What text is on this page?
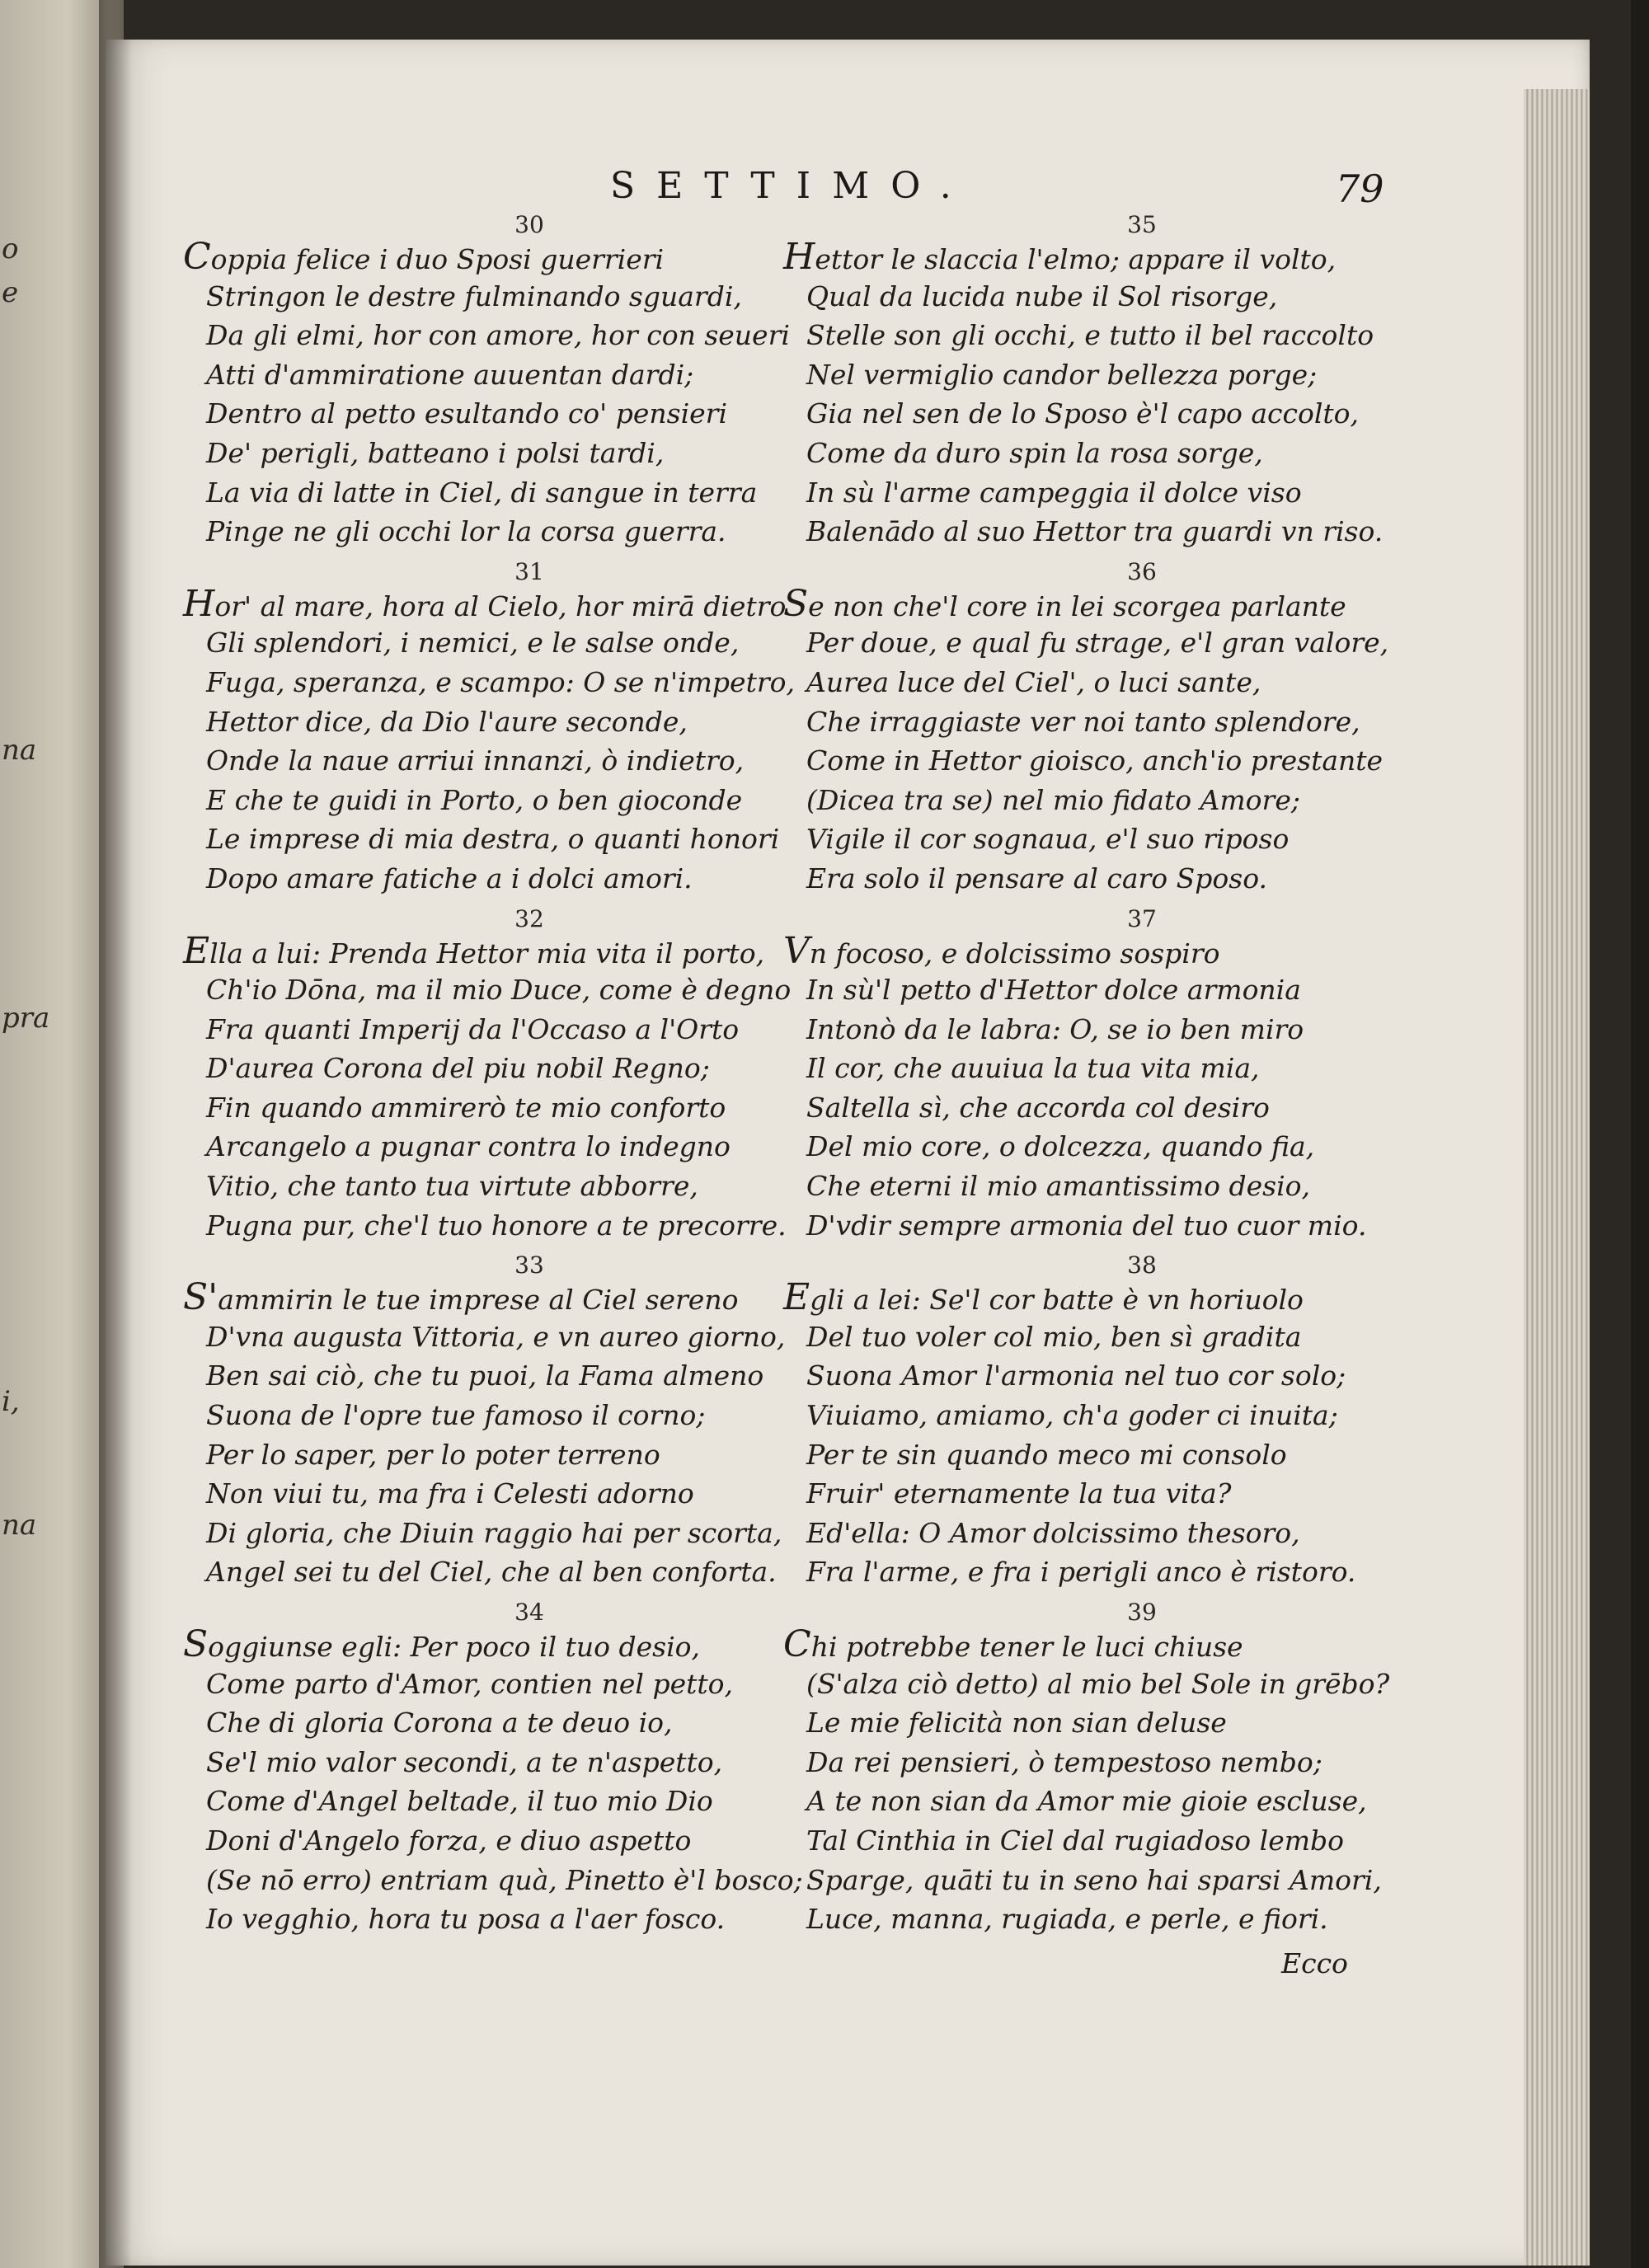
o
e
na
pra
i,
na
SETTIMO.	79
30
Coppia felice i duo Sposi guerrieri
Stringon le destre fulminando sguardi,
Da gli elmi, hor con amore, hor con seueri
Atti d'ammiratione auuentan dardi;
Dentro al petto esultando co' pensieri
De' perigli, batteano i polsi tardi,
La via di latte in Ciel, di sangue in terra
Pinge ne gli occhi lor la corsa guerra.
31
Hor' al mare, hora al Cielo, hor mirā dietro
Gli splendori, i nemici, e le salse onde,
Fuga, speranza, e scampo: O se n'impetro,
Hettor dice, da Dio l'aure seconde,
Onde la naue arriui innanzi, ò indietro,
E che te guidi in Porto, o ben gioconde
Le imprese di mia destra, o quanti honori
Dopo amare fatiche a i dolci amori.
32
Ella a lui: Prenda Hettor mia vita il porto,
Ch'io Dōna, ma il mio Duce, come è degno
Fra quanti Imperij da l'Occaso a l'Orto
D'aurea Corona del piu nobil Regno;
Fin quando ammirerò te mio conforto
Arcangelo a pugnar contra lo indegno
Vitio, che tanto tua virtute abborre,
Pugna pur, che'l tuo honore a te precorre.
33
S'ammirin le tue imprese al Ciel sereno
D'vna augusta Vittoria, e vn aureo giorno,
Ben sai ciò, che tu puoi, la Fama almeno
Suona de l'opre tue famoso il corno;
Per lo saper, per lo poter terreno
Non viui tu, ma fra i Celesti adorno
Di gloria, che Diuin raggio hai per scorta,
Angel sei tu del Ciel, che al ben conforta.
34
Soggiunse egli: Per poco il tuo desio,
Come parto d'Amor, contien nel petto,
Che di gloria Corona a te deuo io,
Se'l mio valor secondi, a te n'aspetto,
Come d'Angel beltade, il tuo mio Dio
Doni d'Angelo forza, e diuo aspetto
(Se nō erro) entriam quà, Pinetto è'l bosco;
Io vegghio, hora tu posa a l'aer fosco.
35
Hettor le slaccia l'elmo; appare il volto,
Qual da lucida nube il Sol risorge,
Stelle son gli occhi, e tutto il bel raccolto
Nel vermiglio candor bellezza porge;
Gia nel sen de lo Sposo è'l capo accolto,
Come da duro spin la rosa sorge,
In sù l'arme campeggia il dolce viso
Balenādo al suo Hettor tra guardi vn riso.
36
Se non che'l core in lei scorgea parlante
Per doue, e qual fu strage, e'l gran valore,
Aurea luce del Ciel', o luci sante,
Che irraggiaste ver noi tanto splendore,
Come in Hettor gioisco, anch'io prestante
(Dicea tra se) nel mio fidato Amore;
Vigile il cor sognaua, e'l suo riposo
Era solo il pensare al caro Sposo.
37
Vn focoso, e dolcissimo sospiro
In sù'l petto d'Hettor dolce armonia
Intonò da le labra: O, se io ben miro
Il cor, che auuiua la tua vita mia,
Saltella sì, che accorda col desiro
Del mio core, o dolcezza, quando fia,
Che eterni il mio amantissimo desio,
D'vdir sempre armonia del tuo cuor mio.
38
Egli a lei: Se'l cor batte è vn horiuolo
Del tuo voler col mio, ben sì gradita
Suona Amor l'armonia nel tuo cor solo;
Viuiamo, amiamo, ch'a goder ci inuita;
Per te sin quando meco mi consolo
Fruir' eternamente la tua vita?
Ed'ella: O Amor dolcissimo thesoro,
Fra l'arme, e fra i perigli anco è ristoro.
39
Chi potrebbe tener le luci chiuse
(S'alza ciò detto) al mio bel Sole in grēbo?
Le mie felicità non sian deluse
Da rei pensieri, ò tempestoso nembo;
A te non sian da Amor mie gioie escluse,
Tal Cinthia in Ciel dal rugiadoso lembo
Sparge, quāti tu in seno hai sparsi Amori,
Luce, manna, rugiada, e perle, e fiori.
Ecco
